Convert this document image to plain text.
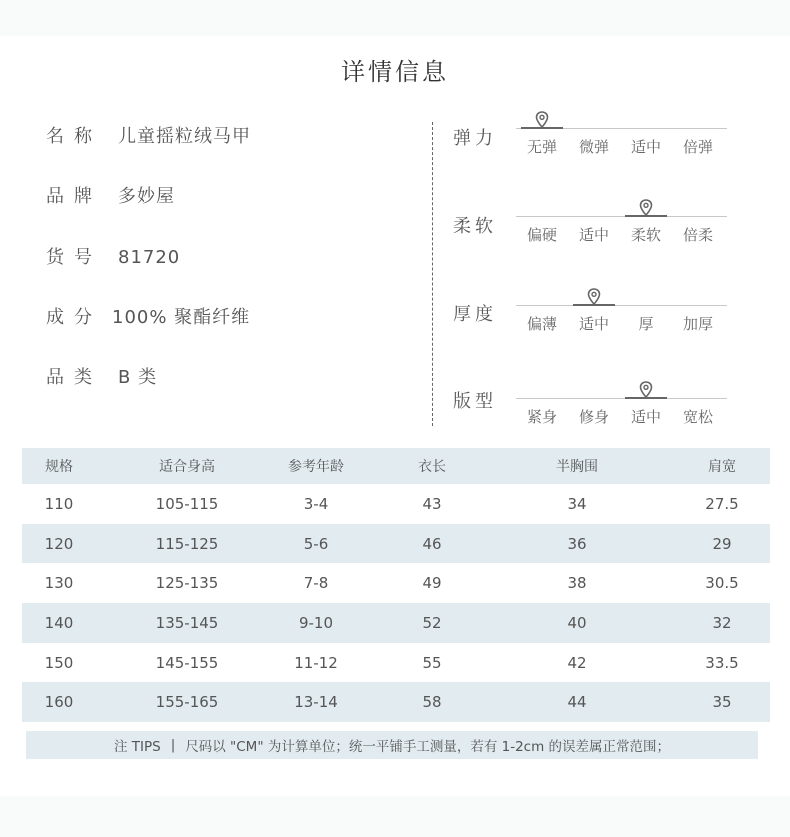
详情信息
名称 儿童摇粒绒马甲
品牌 多妙屋
货号 81720
成分 100% 聚酯纤维
品类 B 类
弹力	无弹	微弹	适中	倍弹
柔软	偏硬	适中	柔软	倍柔
厚度	偏薄	适中	厚	加厚
版型
紧身	修身	适中	宽松
规格	适合身高	参考年龄	衣长	半胸围	肩宽
110	105-115	3-4	43	34	27.5
120	115-125	5-6	46	36	29
130	125-135	7-8	49	38	30.5
140	135-145	9-10	52	40	32
150	145-155	11-12	55	42	33.5
160	155-165	13-14	58	44	35
注 TIPS | 尺码以 "CM" 为计算单位；统一平铺手工测量，若有 1-2cm 的误差属正常范围；
